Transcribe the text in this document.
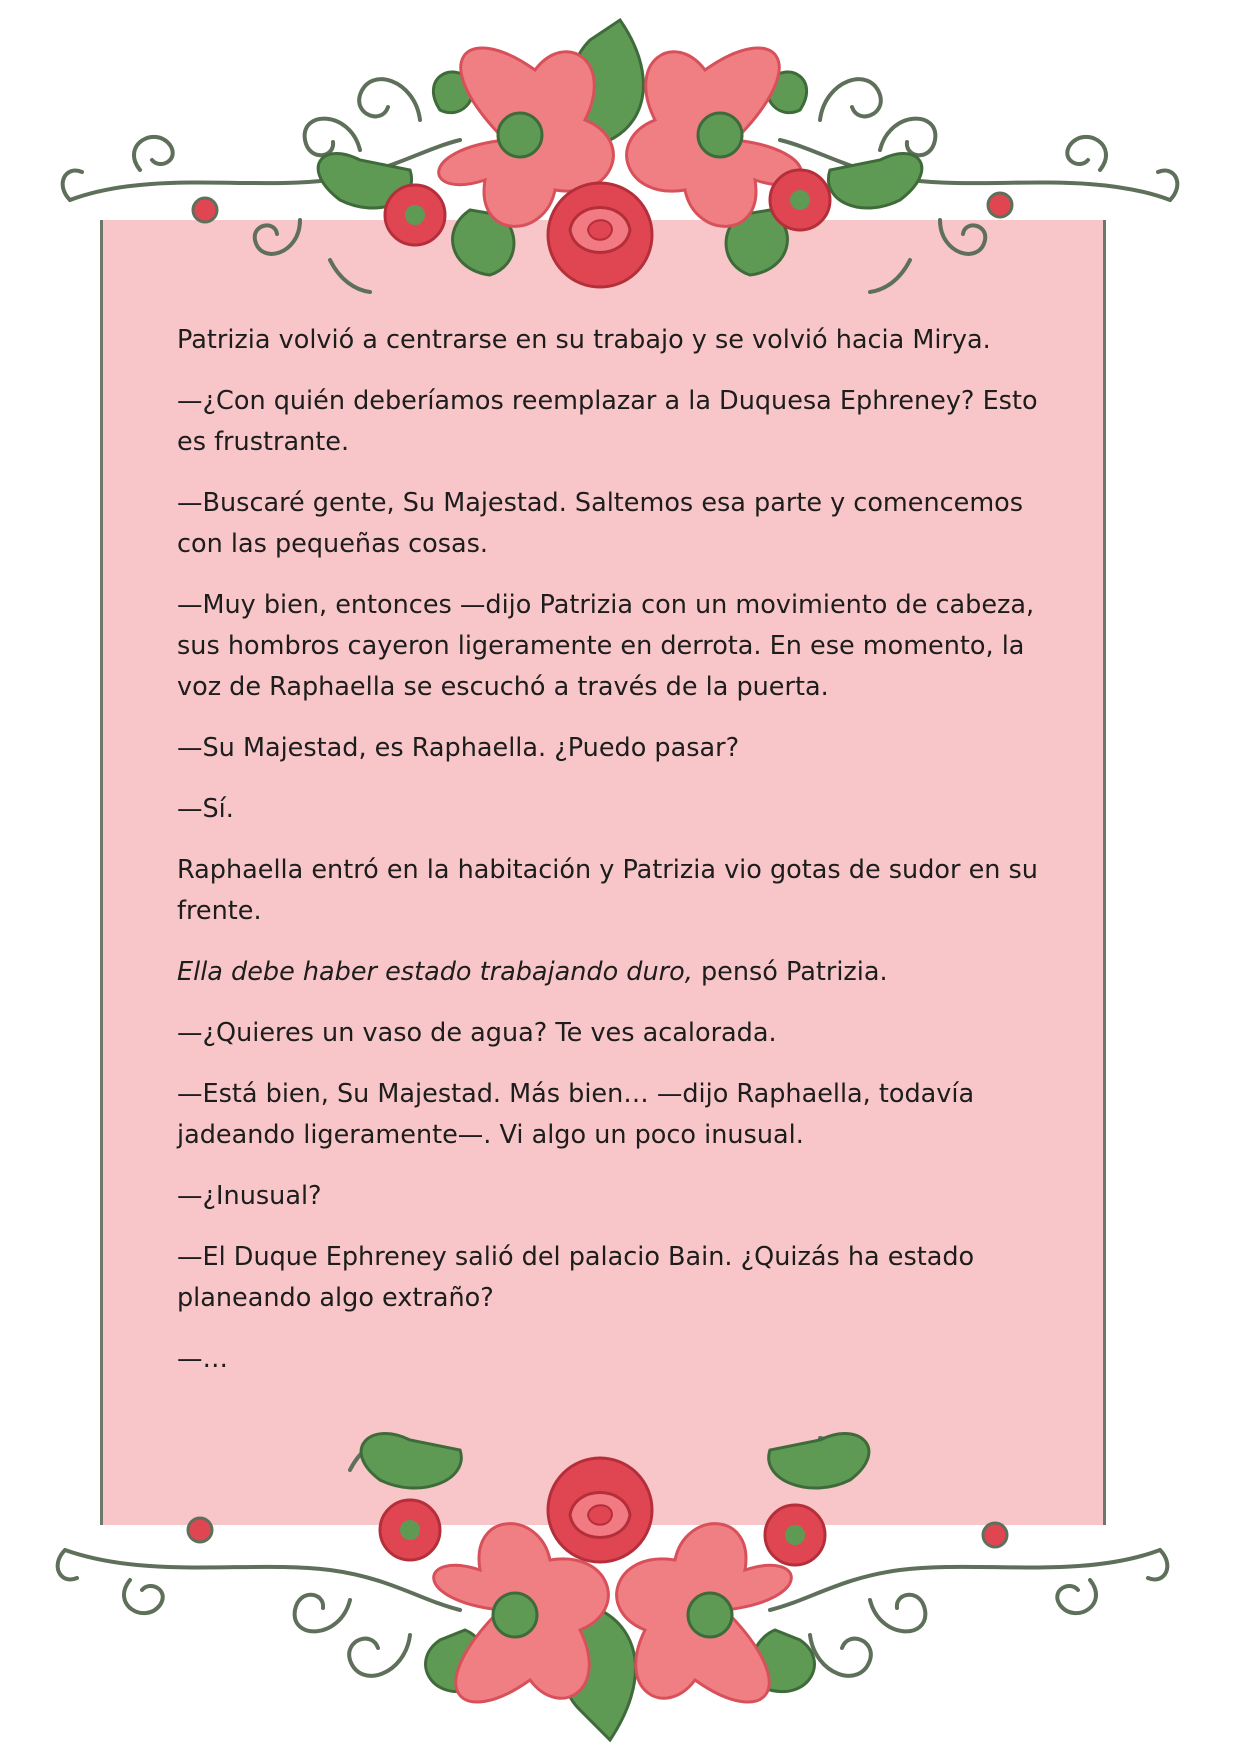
Patrizia volvió a centrarse en su trabajo y se volvió hacia Mirya.

—¿Con quién deberíamos reemplazar a la Duquesa Ephreney? Esto es frustrante.

—Buscaré gente, Su Majestad. Saltemos esa parte y comencemos con las pequeñas cosas.

—Muy bien, entonces —dijo Patrizia con un movimiento de cabeza, sus hombros cayeron ligeramente en derrota. En ese momento, la voz de Raphaella se escuchó a través de la puerta.

—Su Majestad, es Raphaella. ¿Puedo pasar?

—Sí.

Raphaella entró en la habitación y Patrizia vio gotas de sudor en su frente.

Ella debe haber estado trabajando duro, pensó Patrizia.

—¿Quieres un vaso de agua? Te ves acalorada.

—Está bien, Su Majestad. Más bien… —dijo Raphaella, todavía jadeando ligeramente—. Vi algo un poco inusual.

—¿Inusual?

—El Duque Ephreney salió del palacio Bain. ¿Quizás ha estado planeando algo extraño?

—…
